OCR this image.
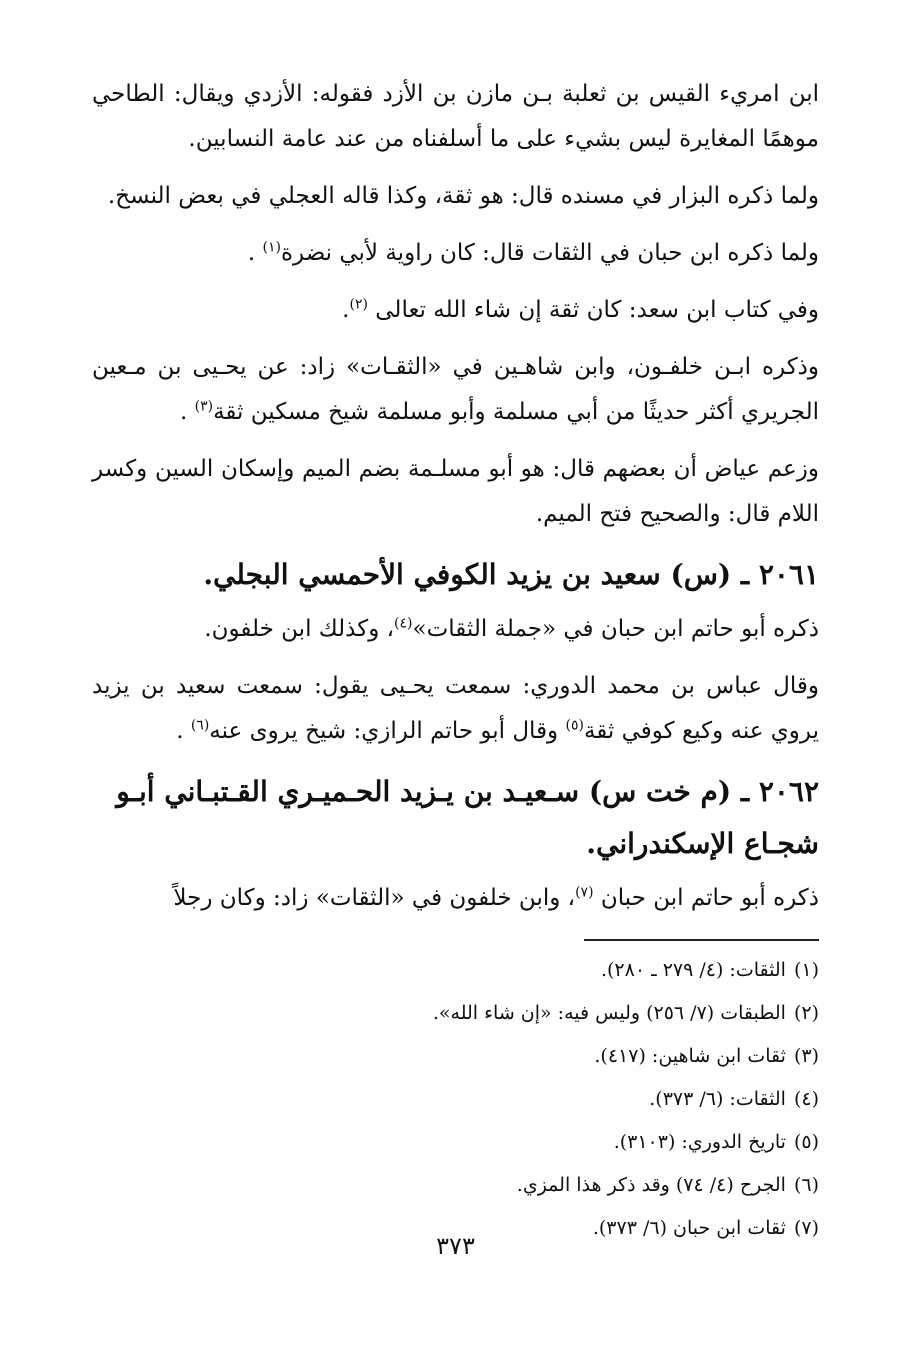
ابن امريء القيس بن ثعلبة بـن مازن بن الأزد فقوله: الأزدي ويقال: الطاحي موهمًا المغايرة ليس بشيء على ما أسلفناه من عند عامة النسابين.

ولما ذكره البزار في مسنده قال: هو ثقة، وكذا قاله العجلي في بعض النسخ.

ولما ذكره ابن حبان في الثقات قال: كان راوية لأبي نضرة$^{(١)}$ .

وفي كتاب ابن سعد: كان ثقة إن شاء الله تعالى $^{(٢)}$.

وذكره ابـن خلفـون، وابن شاهـين في «الثقـات» زاد: عن يحـيى بن مـعين الجريري أكثر حديثًا من أبي مسلمة وأبو مسلمة شيخ مسكين ثقة$^{(٣)}$ .

وزعم عياض أن بعضهم قال: هو أبو مسلـمة بضم الميم وإسكان السين وكسر اللام قال: والصحيح فتح الميم.

٢٠٦١ ـ (س) سعيد بن يزيد الكوفي الأحمسي البجلي.

ذكره أبو حاتم ابن حبان في «جملة الثقات»$^{(٤)}$، وكذلك ابن خلفون.

وقال عباس بن محمد الدوري: سمعت يحـيى يقول: سمعت سعيد بن يزيد يروي عنه وكيع كوفي ثقة$^{(٥)}$ وقال أبو حاتم الرازي: شيخ يروى عنه$^{(٦)}$ .

٢٠٦٢ ـ (م خت س) سـعيـد بن يـزيد الحـميـري القـتبـاني أبـو شجـاع الإسكندراني.

ذكره أبو حاتم ابن حبان $^{(٧)}$، وابن خلفون في «الثقات» زاد: وكان رجلاً

(١)الثقات: (٤/ ٢٧٩ ـ ٢٨٠).
(٢)الطبقات (٧/ ٢٥٦) وليس فيه: «إن شاء الله».
(٣)ثقات ابن شاهين: (٤١٧).
(٤)الثقات: (٦/ ٣٧٣).
(٥)تاريخ الدوري: (٣١٠٣).
(٦)الجرح (٤/ ٧٤) وقد ذكر هذا المزي.
(٧)ثقات ابن حبان (٦/ ٣٧٣).
٣٧٣
